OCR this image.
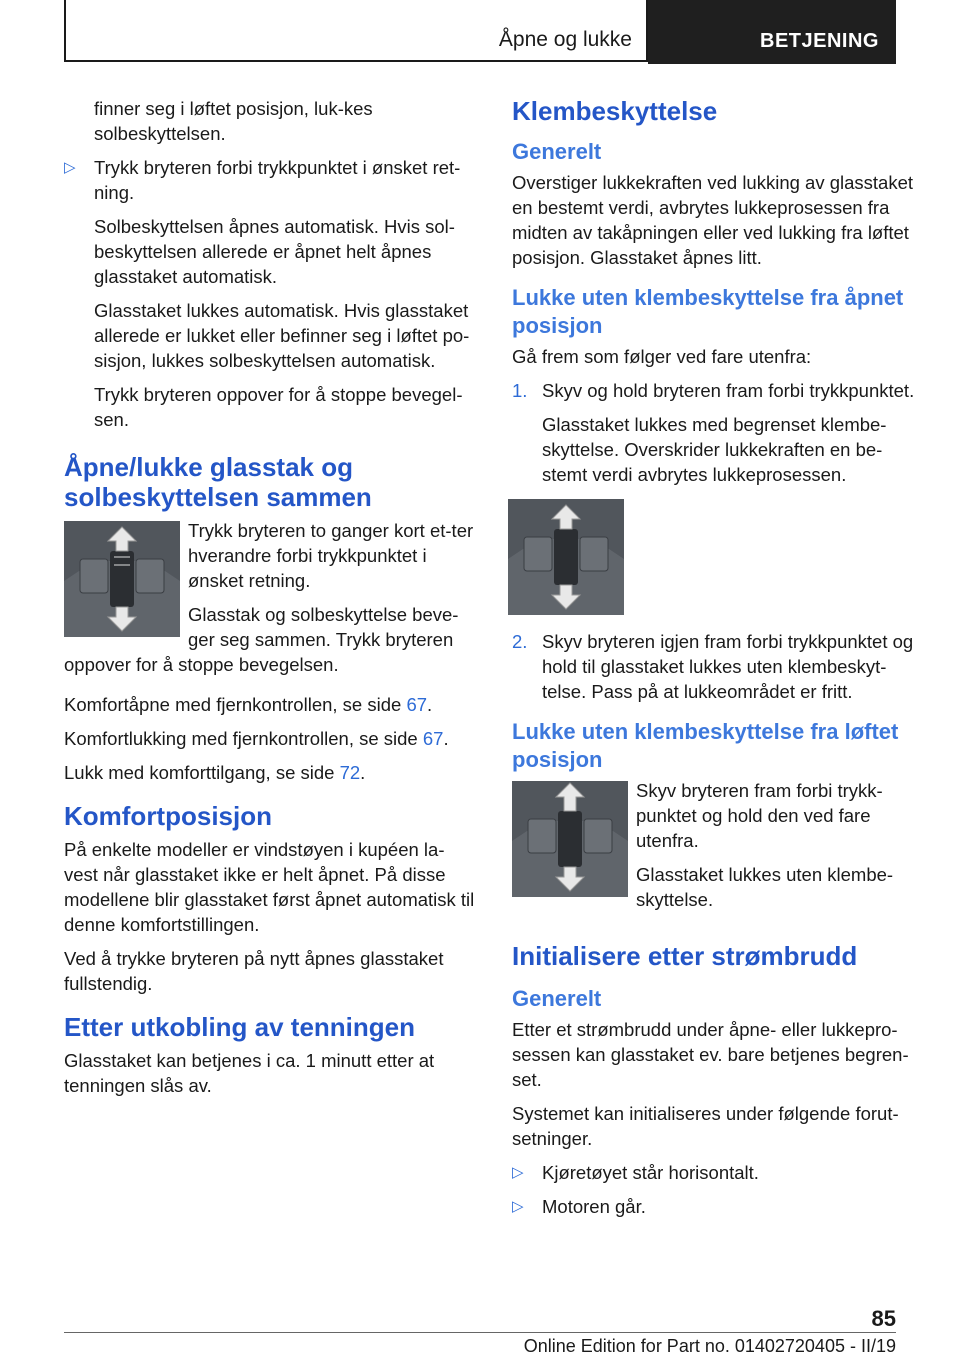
Åpne og lukke	BETJENING

finner seg i løftet posisjon, luk-kes solbeskyttelsen.

▷ Trykk bryteren forbi trykkpunktet i ønsket ret-ning.

Solbeskyttelsen åpnes automatisk. Hvis sol-beskyttelsen allerede er åpnet helt åpnes glasstaket automatisk.

Glasstaket lukkes automatisk. Hvis glasstaket allerede er lukket eller befinner seg i løftet po-sisjon, lukkes solbeskyttelsen automatisk.

Trykk bryteren oppover for å stoppe bevegel-sen.

Åpne/lukke glasstak og solbeskyttelsen sammen

Trykk bryteren to ganger kort et-ter hverandre forbi trykkpunktet i ønsket retning.

Glasstak og solbeskyttelse beve-ger seg sammen. Trykk bryteren oppover for å stoppe bevegelsen.

Komfortåpne med fjernkontrollen, se side 67.

Komfortlukking med fjernkontrollen, se side 67.

Lukk med komforttilgang, se side 72.

Komfortposisjon

På enkelte modeller er vindstøyen i kupéen la-vest når glasstaket ikke er helt åpnet. På disse modellene blir glasstaket først åpnet automatisk til denne komfortstillingen.

Ved å trykke bryteren på nytt åpnes glasstaket fullstendig.

Etter utkobling av tenningen

Glasstaket kan betjenes i ca. 1 minutt etter at tenningen slås av.

Klembeskyttelse
Generelt

Overstiger lukkekraften ved lukking av glasstaket en bestemt verdi, avbrytes lukkeprosessen fra midten av takåpningen eller ved lukking fra løftet posisjon. Glasstaket åpnes litt.

Lukke uten klembeskyttelse fra åpnet posisjon

Gå frem som følger ved fare utenfra:

1. Skyv og hold bryteren fram forbi trykkpunktet.

Glasstaket lukkes med begrenset klembe-skyttelse. Overskrider lukkekraften en be-stemt verdi avbrytes lukkeprosessen.

2. Skyv bryteren igjen fram forbi trykkpunktet og hold til glasstaket lukkes uten klembeskyt-telse. Pass på at lukkeområdet er fritt.
Lukke uten klembeskyttelse fra løftet posisjon

Skyv bryteren fram forbi trykk-punktet og hold den ved fare utenfra.

Glasstaket lukkes uten klembe-skyttelse.

Initialisere etter strømbrudd
Generelt

Etter et strømbrudd under åpne- eller lukkepro-sessen kan glasstaket ev. bare betjenes begren-set.

Systemet kan initialiseres under følgende forut-setninger.

▷ Kjøretøyet står horisontalt.
▷ Motoren går.
85
Online Edition for Part no. 01402720405 - II/19
